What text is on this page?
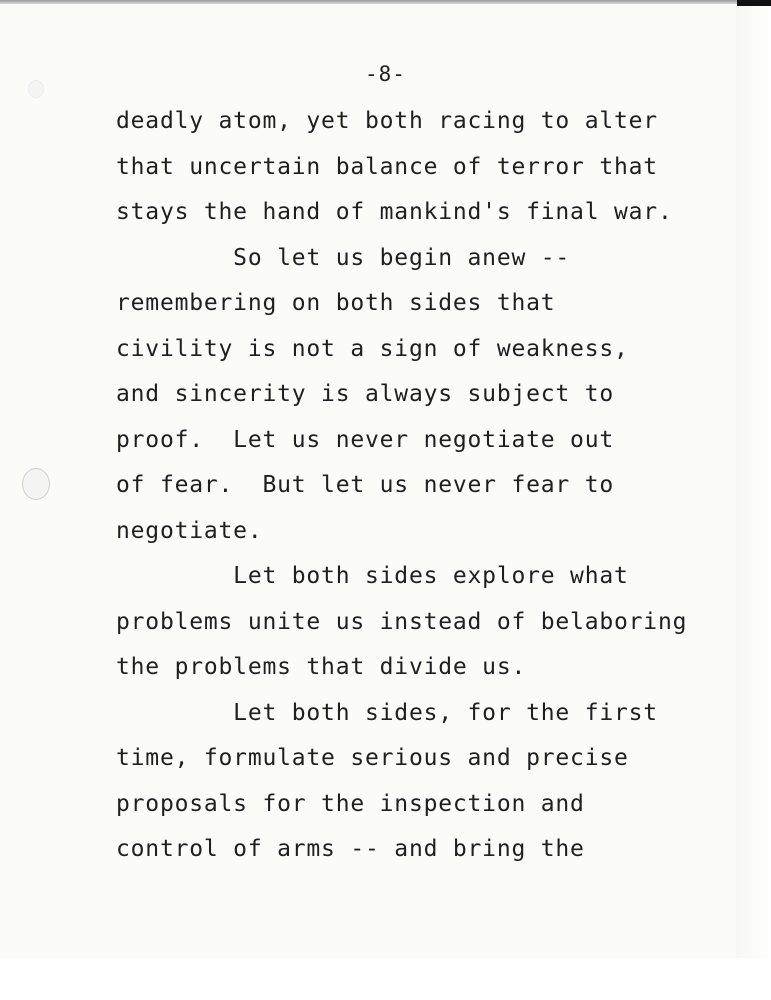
-8-
deadly atom, yet both racing to alter
that uncertain balance of terror that
stays the hand of mankind's final war.
So let us begin anew --
remembering on both sides that
civility is not a sign of weakness,
and sincerity is always subject to
proof.  Let us never negotiate out
of fear.  But let us never fear to
negotiate.
Let both sides explore what
problems unite us instead of belaboring
the problems that divide us.
Let both sides, for the first
time, formulate serious and precise
proposals for the inspection and
control of arms -- and bring the
